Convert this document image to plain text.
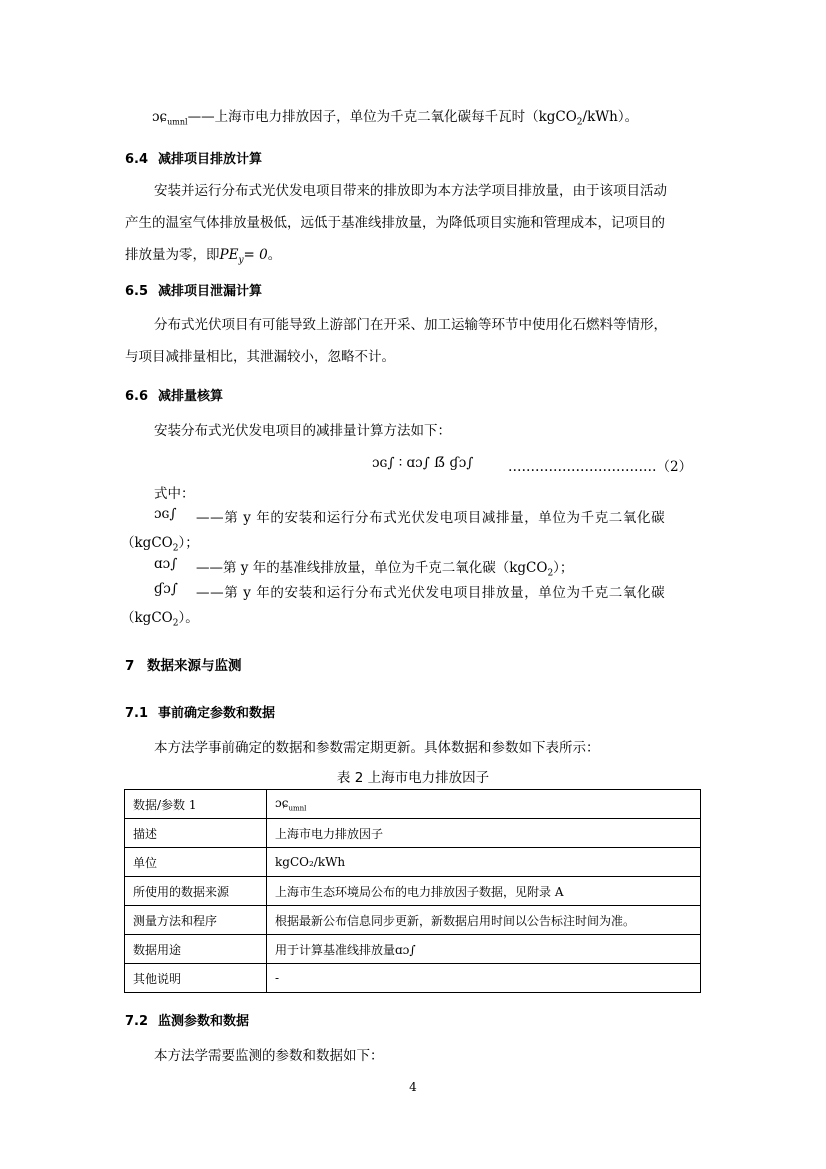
ɔɕ$_{umnl}$——上海市电力排放因子，单位为千克二氧化碳每千瓦时（kgCO$_2$/kWh）。
6.4 减排项目排放计算
安装并运行分布式光伏发电项目带来的排放即为本方法学项目排放量，由于该项目活动
产生的温室气体排放量极低，远低于基准线排放量，为降低项目实施和管理成本，记项目的
排放量为零，即$PE_y= 0$。
6.5 减排项目泄漏计算
分布式光伏项目有可能导致上游部门在开采、加工运输等环节中使用化石燃料等情形，
与项目减排量相比，其泄漏较小，忽略不计。
6.6 减排量核算
安装分布式光伏发电项目的减排量计算方法如下：
ɔɢ∫ ∶ ɑɔ∫ ẞ ɠɔ∫	……………………………（2）
式中：
ɔɢ∫ ——第 y 年的安装和运行分布式光伏发电项目减排量，单位为千克二氧化碳
（kgCO$_2$）；
ɑɔ∫ ——第 y 年的基准线排放量，单位为千克二氧化碳（kgCO$_2$）；
ɠɔ∫ ——第 y 年的安装和运行分布式光伏发电项目排放量，单位为千克二氧化碳
（kgCO$_2$）。
7 数据来源与监测
7.1 事前确定参数和数据
本方法学事前确定的数据和参数需定期更新。具体数据和参数如下表所示：
表 2 上海市电力排放因子
数据/参数 1	ɔɕ$_{umnl}$
描述	上海市电力排放因子
单位	kgCO₂/kWh
所使用的数据来源	上海市生态环境局公布的电力排放因子数据，见附录 A
测量方法和程序	根据最新公布信息同步更新，新数据启用时间以公告标注时间为准。
数据用途	用于计算基准线排放量ɑɔ∫
其他说明	-
7.2 监测参数和数据
本方法学需要监测的参数和数据如下：
4
